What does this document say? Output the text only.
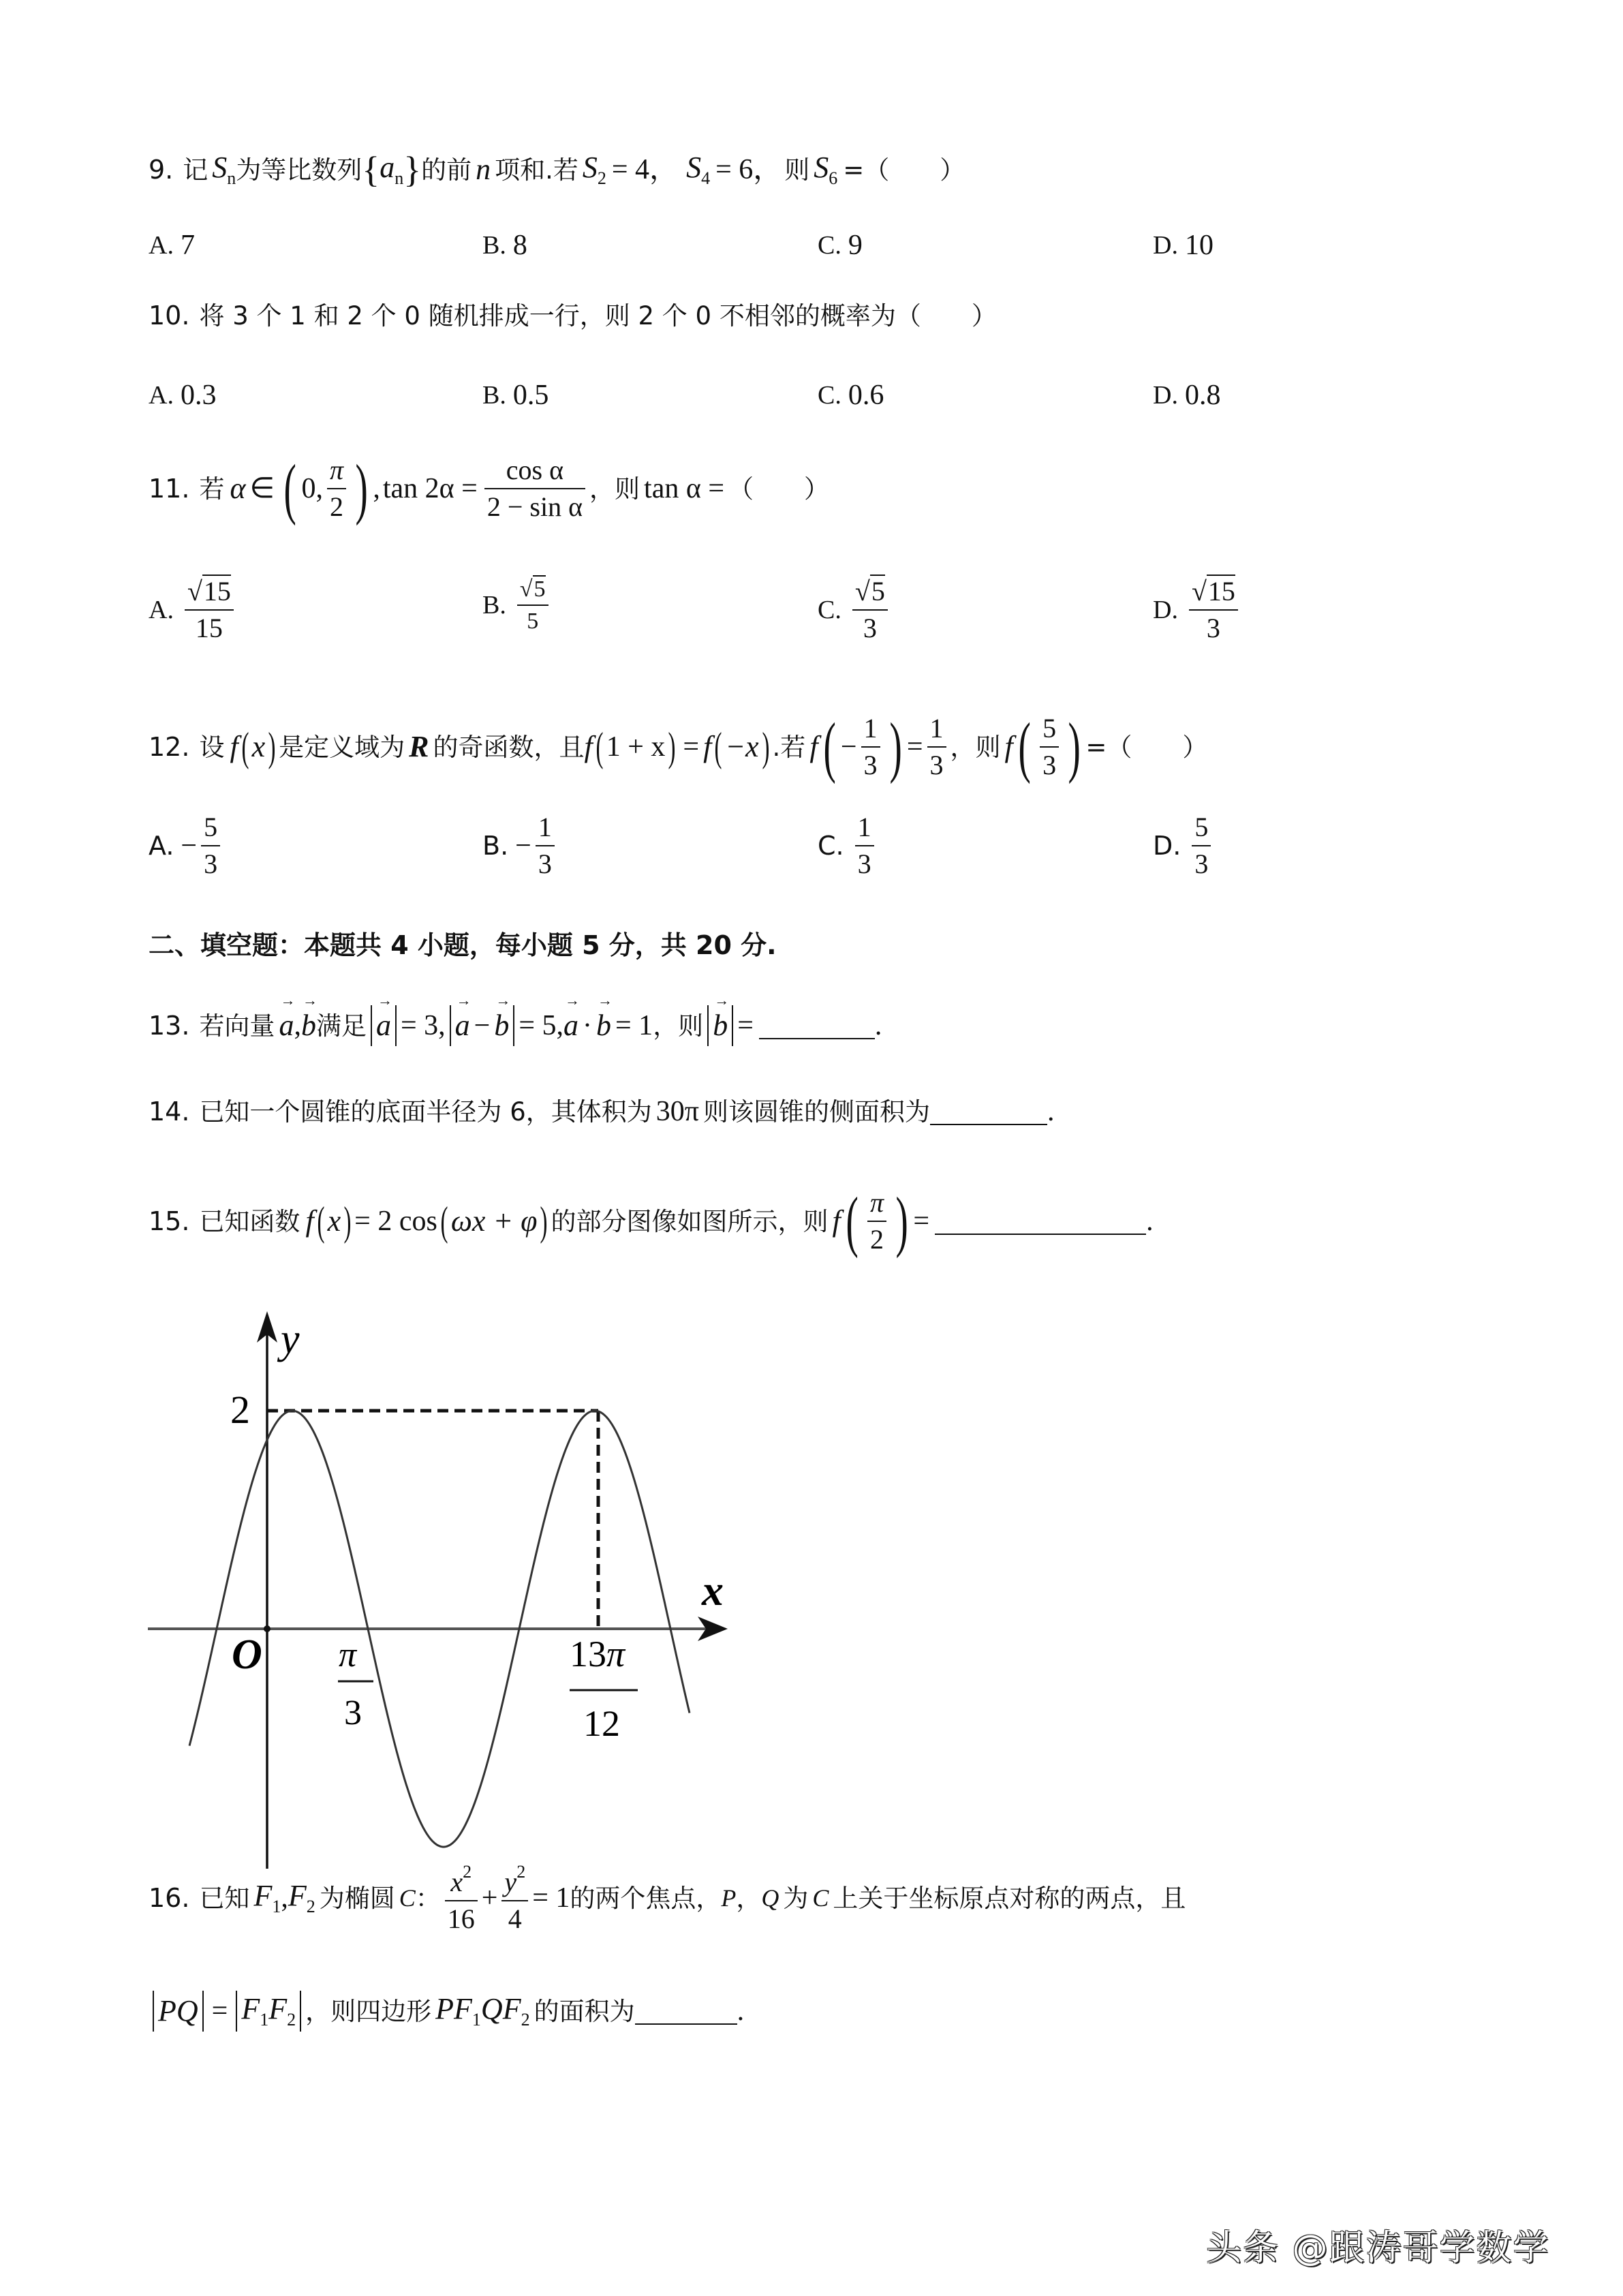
9. 记 $S_n$ 为等比数列 { $a_n$ } 的前 n 项和.若 $S_2 = 4$， $S_4 = 6$， 则 $S_6$ =（　　）
A. 7	B. 8	C. 9	D. 10
10. 将 3 个 1 和 2 个 0 随机排成一行，则 2 个 0 不相邻的概率为（　　）
A. 0.3	B. 0.5	C. 0.6	D. 0.8
11. 若 α ∈ ( 0, $\frac{\pi}{2}$ ) , $\tan 2\alpha = \frac{\text{cos α}}{\text{2 − sin α}}$ ，则 tan α = （　　）
A. $\frac{√15}{15}$	B. $\frac{√5}{5}$	C. $\frac{√5}{3}$	D. $\frac{√15}{3}$
12. 设 f ( x ) 是定义域为 R 的奇函数，且 f ( 1 + x ) = f ( −x ) .若 f ( − $\frac{1}{3}$ ) = $\frac{1}{3}$ ，则 f ( $\frac{5}{3}$ ) =（　　）
A. − $\frac{5}{3}$	B. − $\frac{1}{3}$	C. $\frac{1}{3}$	D. $\frac{5}{3}$
二、填空题：本题共 4 小题，每小题 5 分，共 20 分.
13. 若向量 → a , → b 满足 → a = 3, → a − → b = 5, → a · → b = 1 ，则 → b =	.
14. 已知一个圆锥的底面半径为 6，其体积为 30π 则该圆锥的侧面积为	.
15. 已知函数 f ( x ) = 2 cos ( ωx + φ ) 的部分图像如图所示，则 f ( $\frac{\pi}{2}$ ) =	.
y
x
2
O π
3
13π
12
16. 已知 $F_1$ , $F_2$ 为椭圆 C ： $\frac{x^2}{16} + \frac{y^2}{4} = 1$ 的两个焦点， P ， Q 为 C 上关于坐标原点对称的两点，且
PQ = $F_1F_2$ ，则四边形 $PF_1QF_2$ 的面积为	.
头条 @跟涛哥学数学
